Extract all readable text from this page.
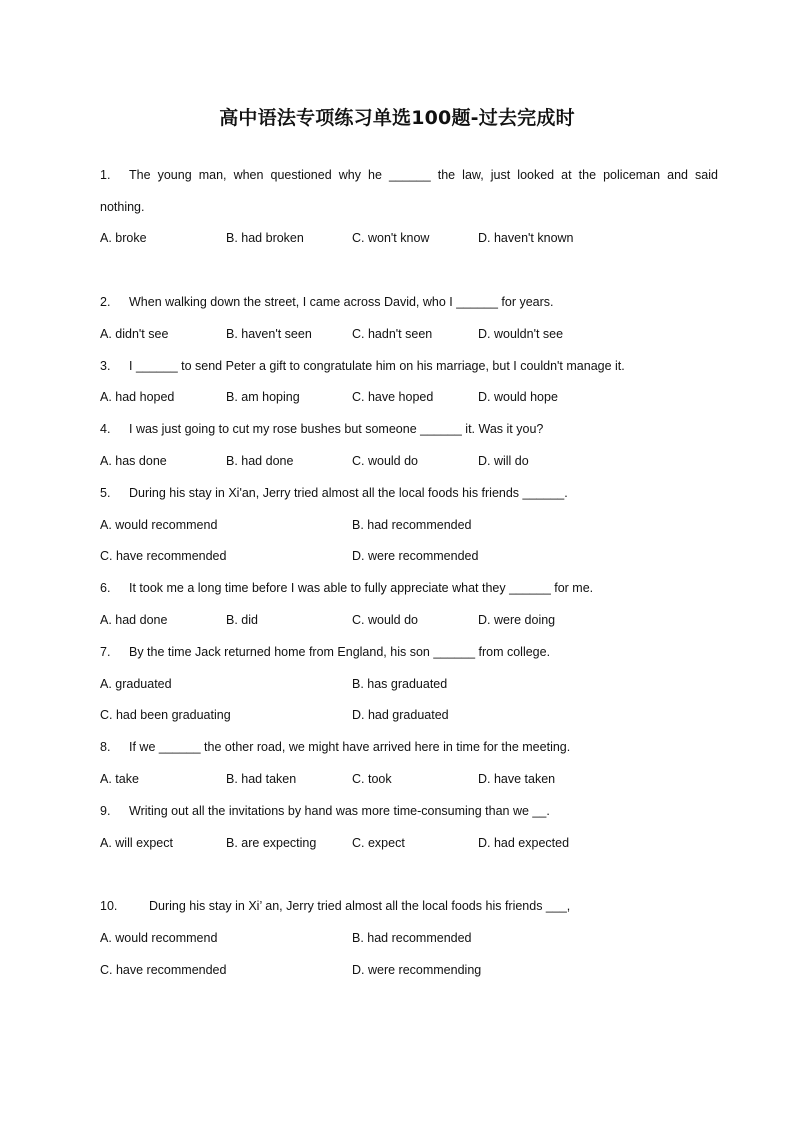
高中语法专项练习单选100题-过去完成时
1. The young man, when questioned why he ______ the law, just looked at the policeman and said
nothing.
A. broke	B. had broken	C. won't know	D. haven't known
2. When walking down the street, I came across David, who I ______ for years.
A. didn't see	B. haven't seen	C. hadn't seen	D. wouldn't see
3. I ______ to send Peter a gift to congratulate him on his marriage, but I couldn't manage it.
A. had hoped	B. am hoping	C. have hoped	D. would hope
4. I was just going to cut my rose bushes but someone ______ it. Was it you?
A. has done	B. had done	C. would do	D. will do
5. During his stay in Xi'an, Jerry tried almost all the local foods his friends ______.
A. would recommend	B. had recommended
C. have recommended	D. were recommended
6. It took me a long time before I was able to fully appreciate what they ______ for me.
A. had done	B. did	C. would do	D. were doing
7. By the time Jack returned home from England, his son ______ from college.
A. graduated	B. has graduated
C. had been graduating	D. had graduated
8. If we ______ the other road, we might have arrived here in time for the meeting.
A. take	B. had taken	C. took	D. have taken
9. Writing out all the invitations by hand was more time-consuming than we __.
A. will expect	B. are expecting	C. expect	D. had expected
10.	During his stay in Xi’ an, Jerry tried almost all the local foods his friends ___,
A. would recommend	B. had recommended
C. have recommended	D. were recommending
